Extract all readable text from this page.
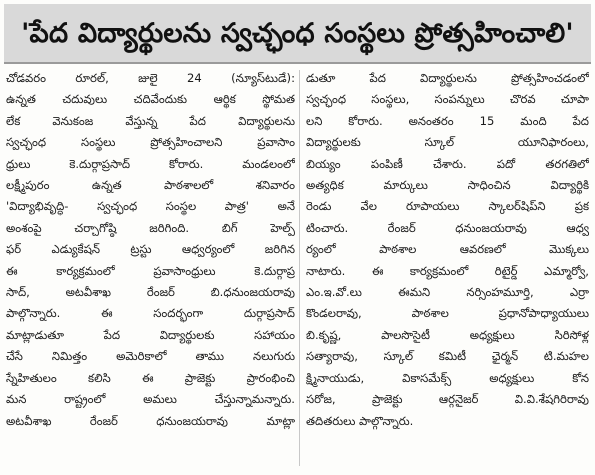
'పేద విద్యార్థులను స్వచ్ఛంధ సంస్థలు ప్రోత్సహించాలి'
చోడవరం రూరల్, జులై 24 (న్యూస్‌టుడే):
ఉన్నత చదువులు చదివేందుకు ఆర్థిక స్థోమత
లేక వెనుకంజ వేస్తున్న పేద విద్యార్థులను
స్వచ్ఛంధ సంస్థలు ప్రోత్సహించాలని ప్రవాసాం
ధ్రులు కె.దుర్గాప్రసాద్ కోరారు. మండలంలో
లక్ష్మీపురం ఉన్నత పాఠశాలలో శనివారం
'విద్యాభివృద్ధి- స్వచ్ఛంధ సంస్థల పాత్ర' అనే
అంశంపై చర్చాగోష్ఠి జరిగింది. బిగ్ హెల్ప్
ఫర్ ఎడ్యుకేషన్ ట్రస్టు ఆధ్వర్యంలో జరిగిన
ఈ కార్యక్రమంలో ప్రవాసాంధ్రులు కె.దుర్గాప్ర
సాద్, అటవీశాఖ రేంజర్ బి.ధనుంజయరావు
పాల్గొన్నారు. ఈ సందర్భంగా దుర్గాప్రసాద్
మాట్లాడుతూ పేద విద్యార్థులకు సహాయం
చేసే నిమిత్తం అమెరికాలో తాము నలుగురు
స్నేహితులం కలిసి ఈ ప్రాజెక్టు ప్రారంభించి
మన రాష్ట్రంలో అమలు చేస్తున్నామన్నారు.
అటవీశాఖ రేంజర్ ధనుంజయరావు మాట్లా
డుతూ పేద విద్యార్థులను ప్రోత్సహించడంలో
స్వచ్ఛంధ సంస్థలు, సంపన్నులు చొరవ చూపా
లని కోరారు. అనంతరం 15 మంది పేద
విద్యార్థులకు స్కూల్ యూనిఫారంలు,
బియ్యం పంపిణీ చేశారు. పదో తరగతిలో
అత్యధిక మార్కులు సాధించిన విద్యార్థికి
రెండు వేల రూపాయలు స్కాలర్‌షిప్‌ని ప్రక
టించారు. రేంజర్ ధనుంజయరావు ఆధ్వ
ర్యంలో పాఠశాల ఆవరణలో మొక్కలు
నాటారు. ఈ కార్యక్రమంలో రిటైర్డ్ ఎమ్మార్వో,
ఎం.ఇ.వో.లు ఈమని నర్సింహమూర్తి, ఎర్రా
కొండలరావు, పాఠశాల ప్రధానోపాధ్యాయులు
బి.కృష్ణ, పాలసొసైటీ అధ్యక్షులు సిరిసోళ్ల
సత్యారావు, స్కూల్ కమిటీ ఛైర్మన్ టి.మహల
క్ష్మినాయుడు, వికాసమేక్స్ అధ్యక్షులు కోన
సరోజ, ప్రాజెక్టు ఆర్గనైజర్ వి.వి.శేషగిరిరావు
తదితరులు పాల్గొన్నారు.
